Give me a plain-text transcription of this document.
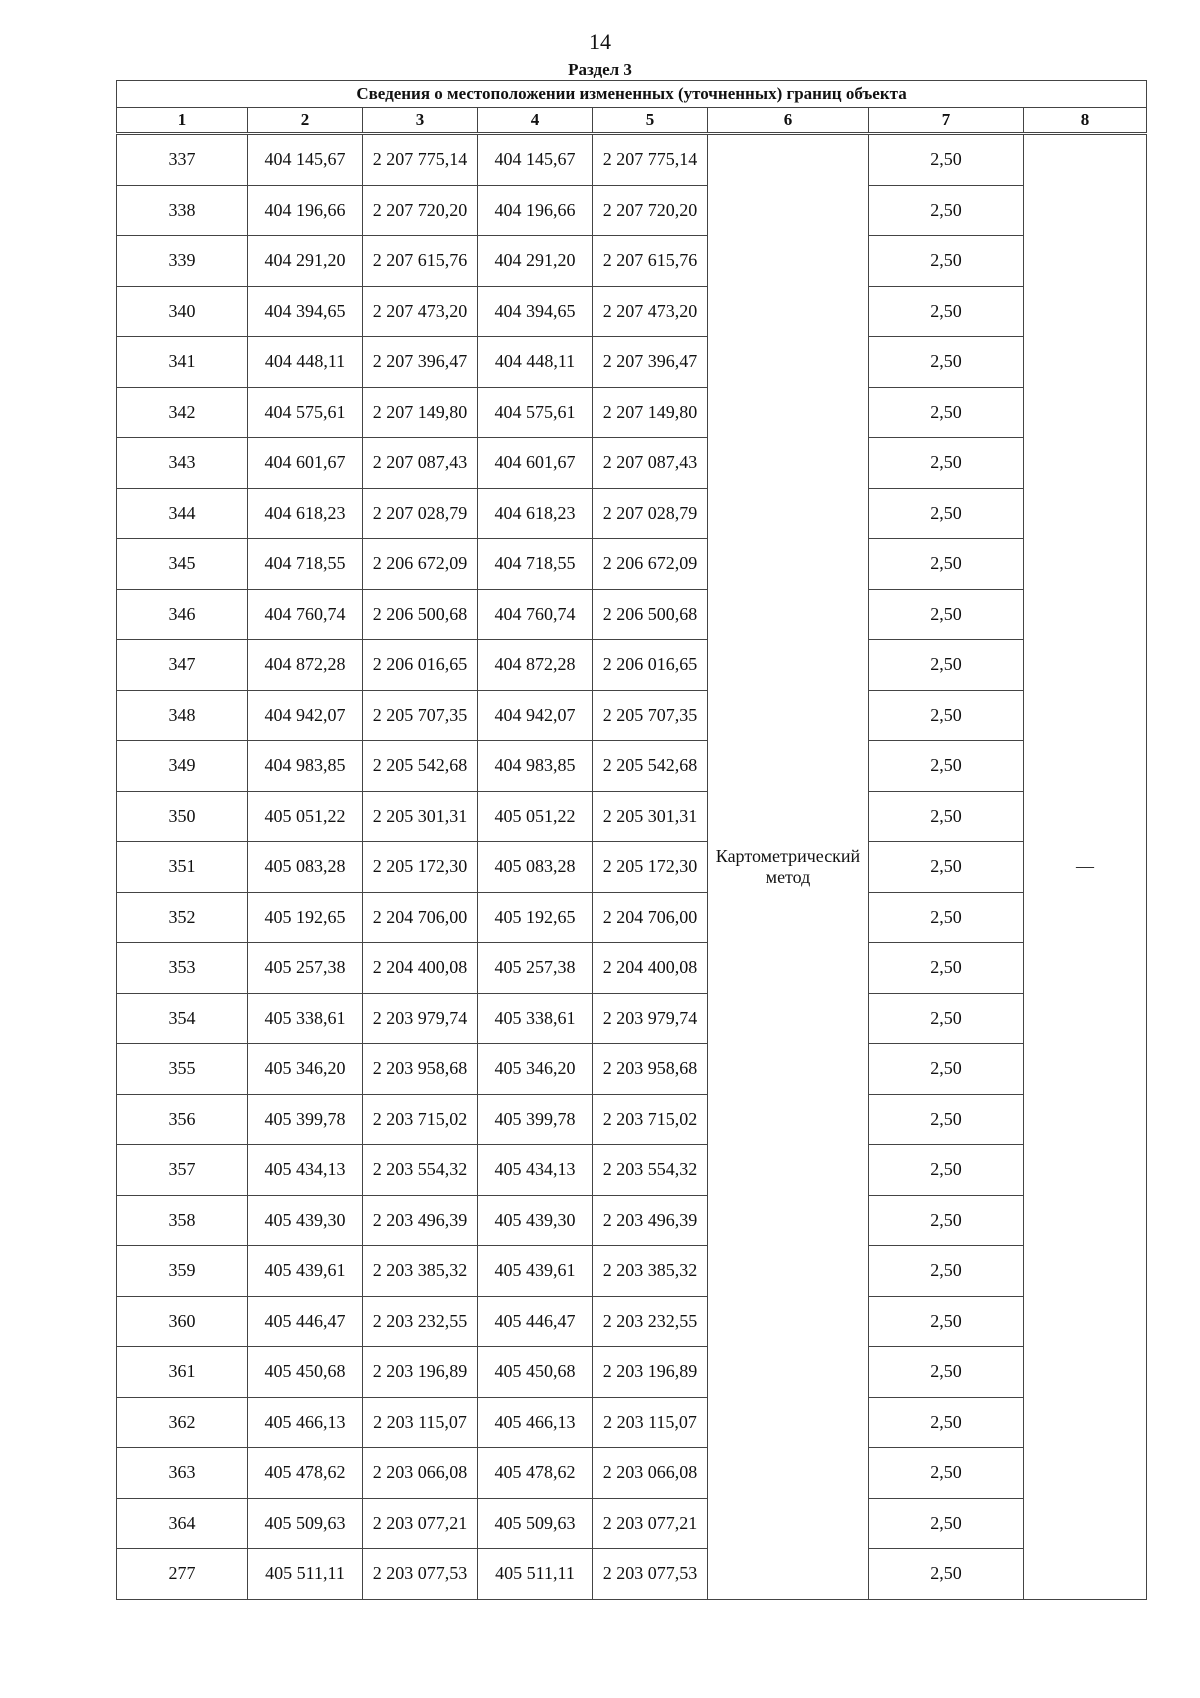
14
Раздел 3
Сведения о местоположении измененных (уточненных) границ объекта							
1	2	3	4	5	6	7	8
337	404 145,67	2 207 775,14	404 145,67	2 207 775,14	Картометрический метод	2,50	—
338	404 196,66	2 207 720,20	404 196,66	2 207 720,20		2,50	
339	404 291,20	2 207 615,76	404 291,20	2 207 615,76		2,50	
340	404 394,65	2 207 473,20	404 394,65	2 207 473,20		2,50	
341	404 448,11	2 207 396,47	404 448,11	2 207 396,47		2,50	
342	404 575,61	2 207 149,80	404 575,61	2 207 149,80		2,50	
343	404 601,67	2 207 087,43	404 601,67	2 207 087,43		2,50	
344	404 618,23	2 207 028,79	404 618,23	2 207 028,79		2,50	
345	404 718,55	2 206 672,09	404 718,55	2 206 672,09		2,50	
346	404 760,74	2 206 500,68	404 760,74	2 206 500,68		2,50	
347	404 872,28	2 206 016,65	404 872,28	2 206 016,65		2,50	
348	404 942,07	2 205 707,35	404 942,07	2 205 707,35		2,50	
349	404 983,85	2 205 542,68	404 983,85	2 205 542,68		2,50	
350	405 051,22	2 205 301,31	405 051,22	2 205 301,31		2,50	
351	405 083,28	2 205 172,30	405 083,28	2 205 172,30		2,50	
352	405 192,65	2 204 706,00	405 192,65	2 204 706,00		2,50	
353	405 257,38	2 204 400,08	405 257,38	2 204 400,08		2,50	
354	405 338,61	2 203 979,74	405 338,61	2 203 979,74		2,50	
355	405 346,20	2 203 958,68	405 346,20	2 203 958,68		2,50	
356	405 399,78	2 203 715,02	405 399,78	2 203 715,02		2,50	
357	405 434,13	2 203 554,32	405 434,13	2 203 554,32		2,50	
358	405 439,30	2 203 496,39	405 439,30	2 203 496,39		2,50	
359	405 439,61	2 203 385,32	405 439,61	2 203 385,32		2,50	
360	405 446,47	2 203 232,55	405 446,47	2 203 232,55		2,50	
361	405 450,68	2 203 196,89	405 450,68	2 203 196,89		2,50	
362	405 466,13	2 203 115,07	405 466,13	2 203 115,07		2,50	
363	405 478,62	2 203 066,08	405 478,62	2 203 066,08		2,50	
364	405 509,63	2 203 077,21	405 509,63	2 203 077,21		2,50	
277	405 511,11	2 203 077,53	405 511,11	2 203 077,53		2,50	
